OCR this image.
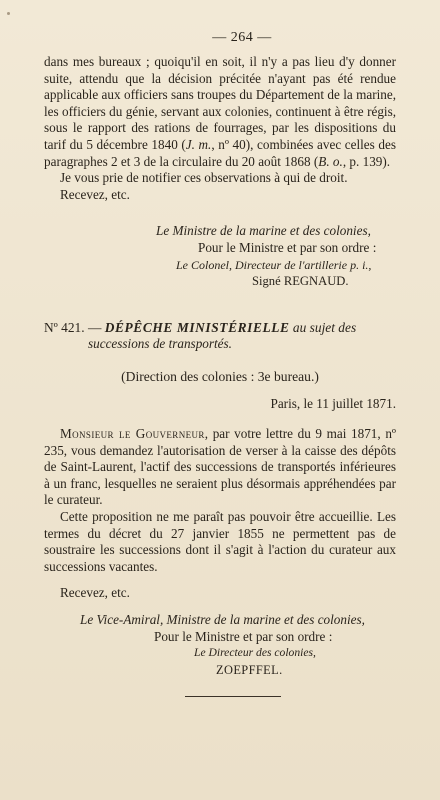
— 264 —

dans mes bureaux ; quoiqu'il en soit, il n'y a pas lieu d'y donner suite, attendu que la décision précitée n'ayant pas été rendue applicable aux officiers sans troupes du Département de la marine, les officiers du génie, servant aux colonies, continuent à être régis, sous le rapport des rations de fourrages, par les dispositions du tarif du 5 décembre 1840 (J. m., nº 40), combinées avec celles des paragraphes 2 et 3 de la circulaire du 20 août 1868 (B. o., p. 139).

Je vous prie de notifier ces observations à qui de droit.

Recevez, etc.

Le Ministre de la marine et des colonies,

Pour le Ministre et par son ordre :

Le Colonel, Directeur de l'artillerie p. i.,

Signé REGNAUD.

Nº 421. — DÉPÊCHE MINISTÉRIELLE au sujet des

successions de transportés.

(Direction des colonies : 3e bureau.)

Paris, le 11 juillet 1871.

Monsieur le Gouverneur, par votre lettre du 9 mai 1871, nº 235, vous demandez l'autorisation de verser à la caisse des dépôts de Saint-Laurent, l'actif des successions de transportés inférieures à un franc, lesquelles ne seraient plus désormais appréhendées par le curateur.

Cette proposition ne me paraît pas pouvoir être accueillie. Les termes du décret du 27 janvier 1855 ne permettent pas de soustraire les successions dont il s'agit à l'action du curateur aux successions vacantes.

Recevez, etc.

Le Vice-Amiral, Ministre de la marine et des colonies,

Pour le Ministre et par son ordre :

Le Directeur des colonies,

ZOEPFFEL.
